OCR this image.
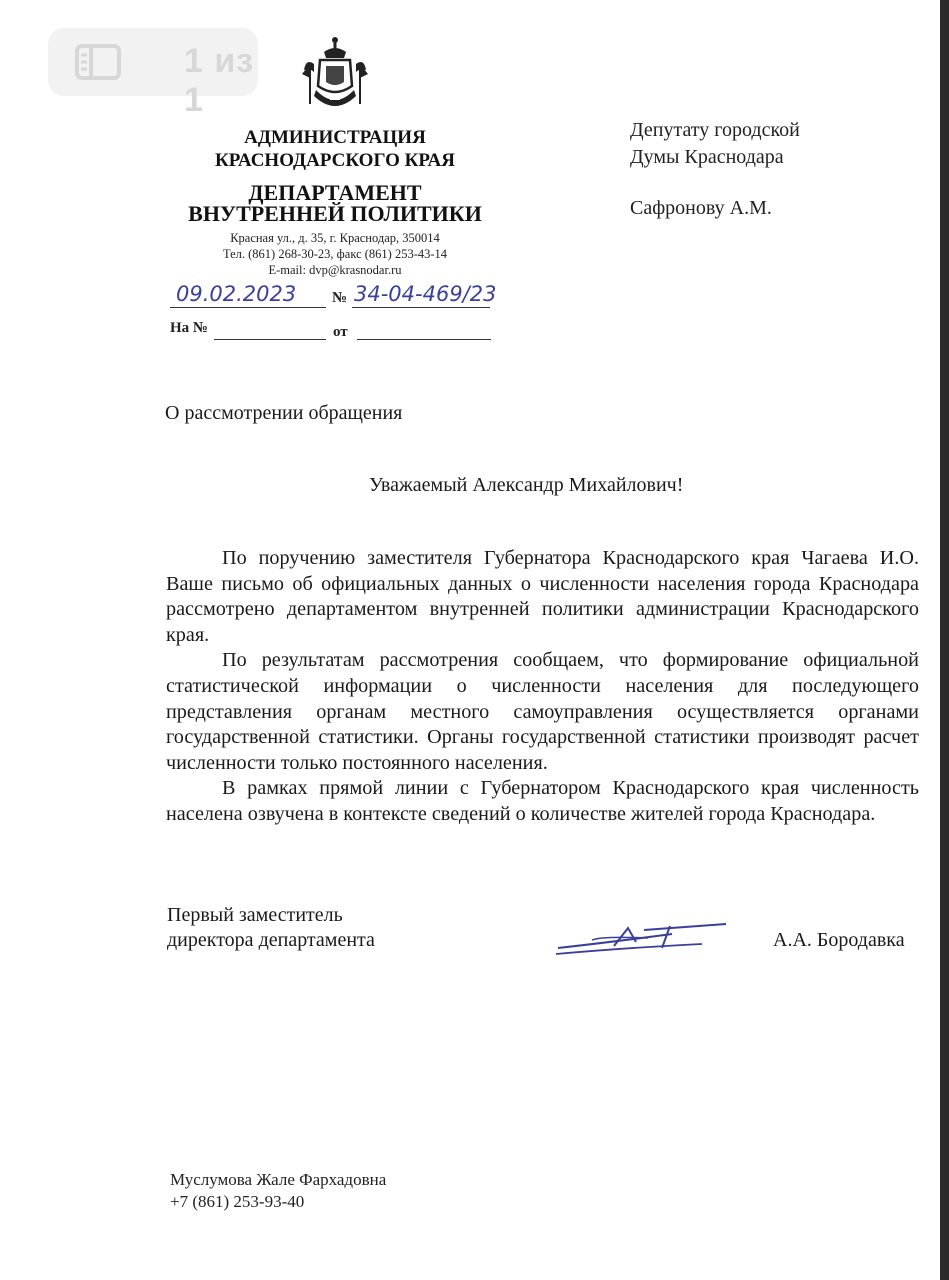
1 из 1
АДМИНИСТРАЦИЯ
КРАСНОДАРСКОГО КРАЯ
ДЕПАРТАМЕНТ
ВНУТРЕННЕЙ ПОЛИТИКИ
Красная ул., д. 35, г. Краснодар, 350014
Тел. (861) 268-30-23, факс (861) 253-43-14
E-mail: dvp@krasnodar.ru
09.02.2023 № 34-04-469/23
На №	от
Депутату городской
Думы Краснодара
Сафронову А.М.
О рассмотрении обращения
Уважаемый Александр Михайлович!

По поручению заместителя Губернатора Краснодарского края Чагаева И.О. Ваше письмо об официальных данных о численности населения города Краснодара рассмотрено департаментом внутренней политики администрации Краснодарского края.

По результатам рассмотрения сообщаем, что формирование официальной статистической информации о численности населения для последующего представления органам местного самоуправления осуществляется органами государственной статистики. Органы государственной статистики производят расчет численности только постоянного населения.

В рамках прямой линии с Губернатором Краснодарского края численность населена озвучена в контексте сведений о количестве жителей города Краснодара.

Первый заместитель
директора департамента	А.А. Бородавка
Муслумова Жале Фархадовна
+7 (861) 253-93-40
